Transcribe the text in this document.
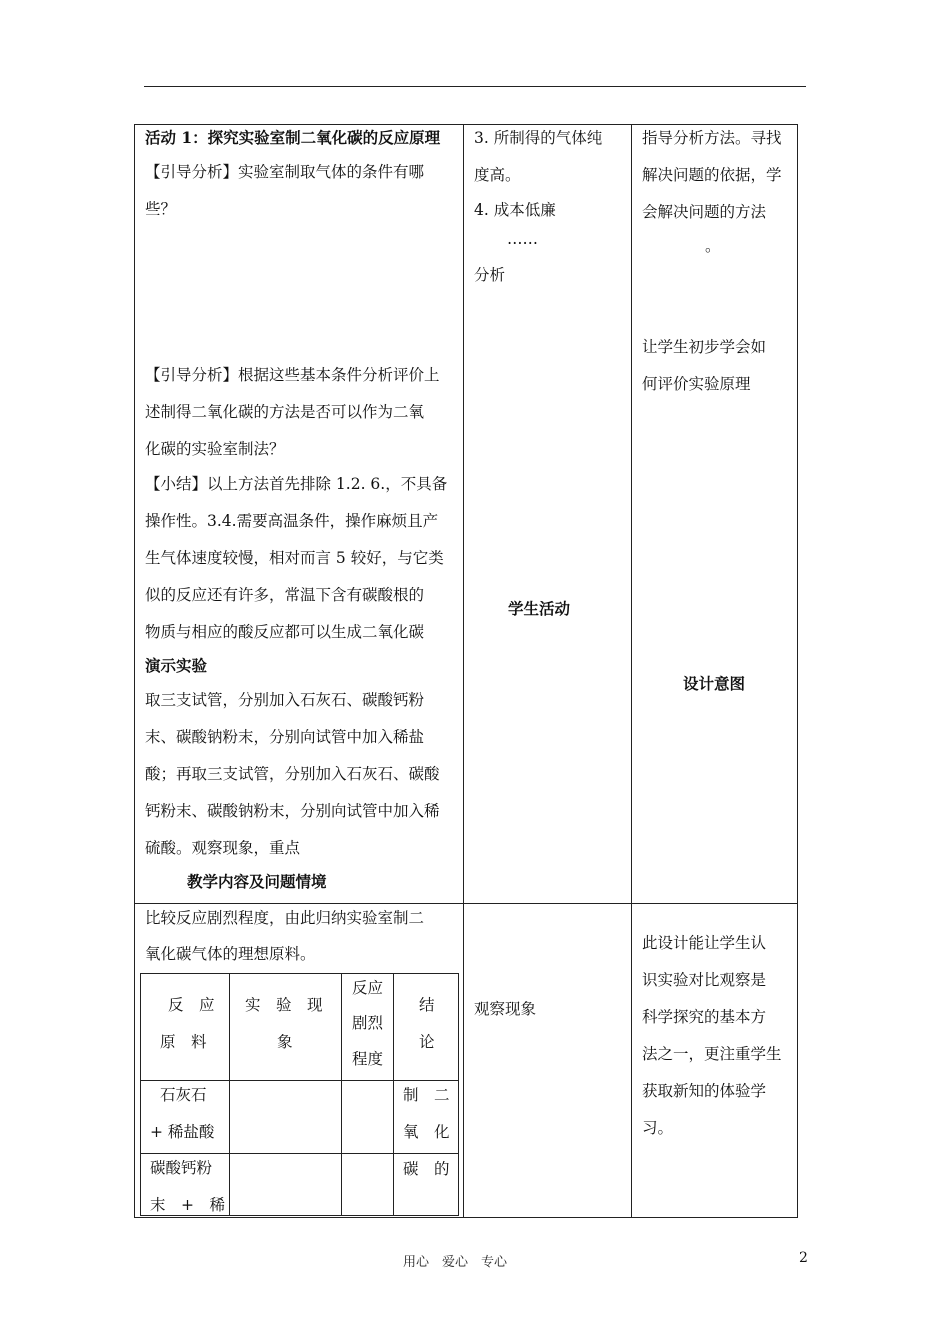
活动 1：探究实验室制二氧化碳的反应原理
【引导分析】实验室制取气体的条件有哪
些？
【引导分析】根据这些基本条件分析评价上
述制得二氧化碳的方法是否可以作为二氧
化碳的实验室制法？
【小结】以上方法首先排除 1.2. 6.，不具备
操作性。3.4.需要高温条件，操作麻烦且产
生气体速度较慢，相对而言 5 较好，与它类
似的反应还有许多，常温下含有碳酸根的
物质与相应的酸反应都可以生成二氧化碳
演示实验
取三支试管，分别加入石灰石、碳酸钙粉
末、碳酸钠粉末，分别向试管中加入稀盐
酸；再取三支试管，分别加入石灰石、碳酸
钙粉末、碳酸钠粉末，分别向试管中加入稀
硫酸。观察现象，重点
教学内容及问题情境
3. 所制得的气体纯
度高。
4. 成本低廉
……
分析
学生活动
指导分析方法。寻找
解决问题的依据，学
会解决问题的方法
。
让学生初步学会如
何评价实验原理
设计意图
比较反应剧烈程度，由此归纳实验室制二
氧化碳气体的理想原料。
反　应
原　料
实　验　现
象
反应
剧烈
程度
结
论
石灰石
+ 稀盐酸
制　二
氧　化
碳　的
碳酸钙粉
末　+　稀
观察现象
此设计能让学生认
识实验对比观察是
科学探究的基本方
法之一，更注重学生
获取新知的体验学
习。
用心　爱心　专心	2
